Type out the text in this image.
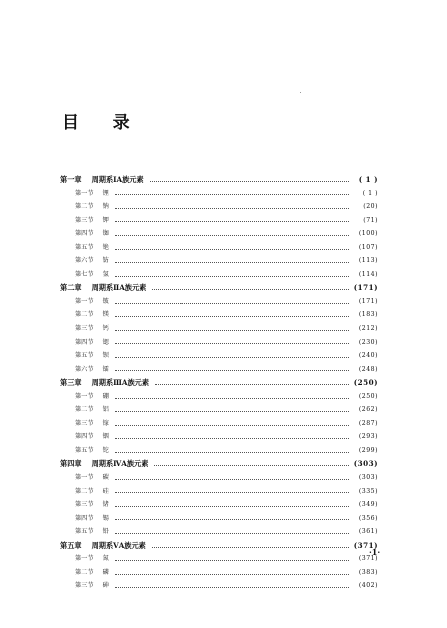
目    录
第一章 周期系ⅠA族元素	( 1 )
第一节 锂	( 1 )
第二节 钠	(20)
第三节 钾	(71)
第四节 铷	(100)
第五节 铯	(107)
第六节 钫	(113)
第七节 氢	(114)
第二章 周期系ⅡA族元素	(171)
第一节 铍	(171)
第二节 镁	(183)
第三节 钙	(212)
第四节 锶	(230)
第五节 钡	(240)
第六节 镭	(248)
第三章 周期系ⅢA族元素	(250)
第一节 硼	(250)
第二节 铝	(262)
第三节 镓	(287)
第四节 铟	(293)
第五节 铊	(299)
第四章 周期系ⅣA族元素	(303)
第一节 碳	(303)
第二节 硅	(335)
第三节 锗	(349)
第四节 锡	(356)
第五节 铅	(361)
第五章 周期系ⅤA族元素	(371)
第一节 氮	(371)
第二节 磷	(383)
第三节 砷	(402)
·1·
